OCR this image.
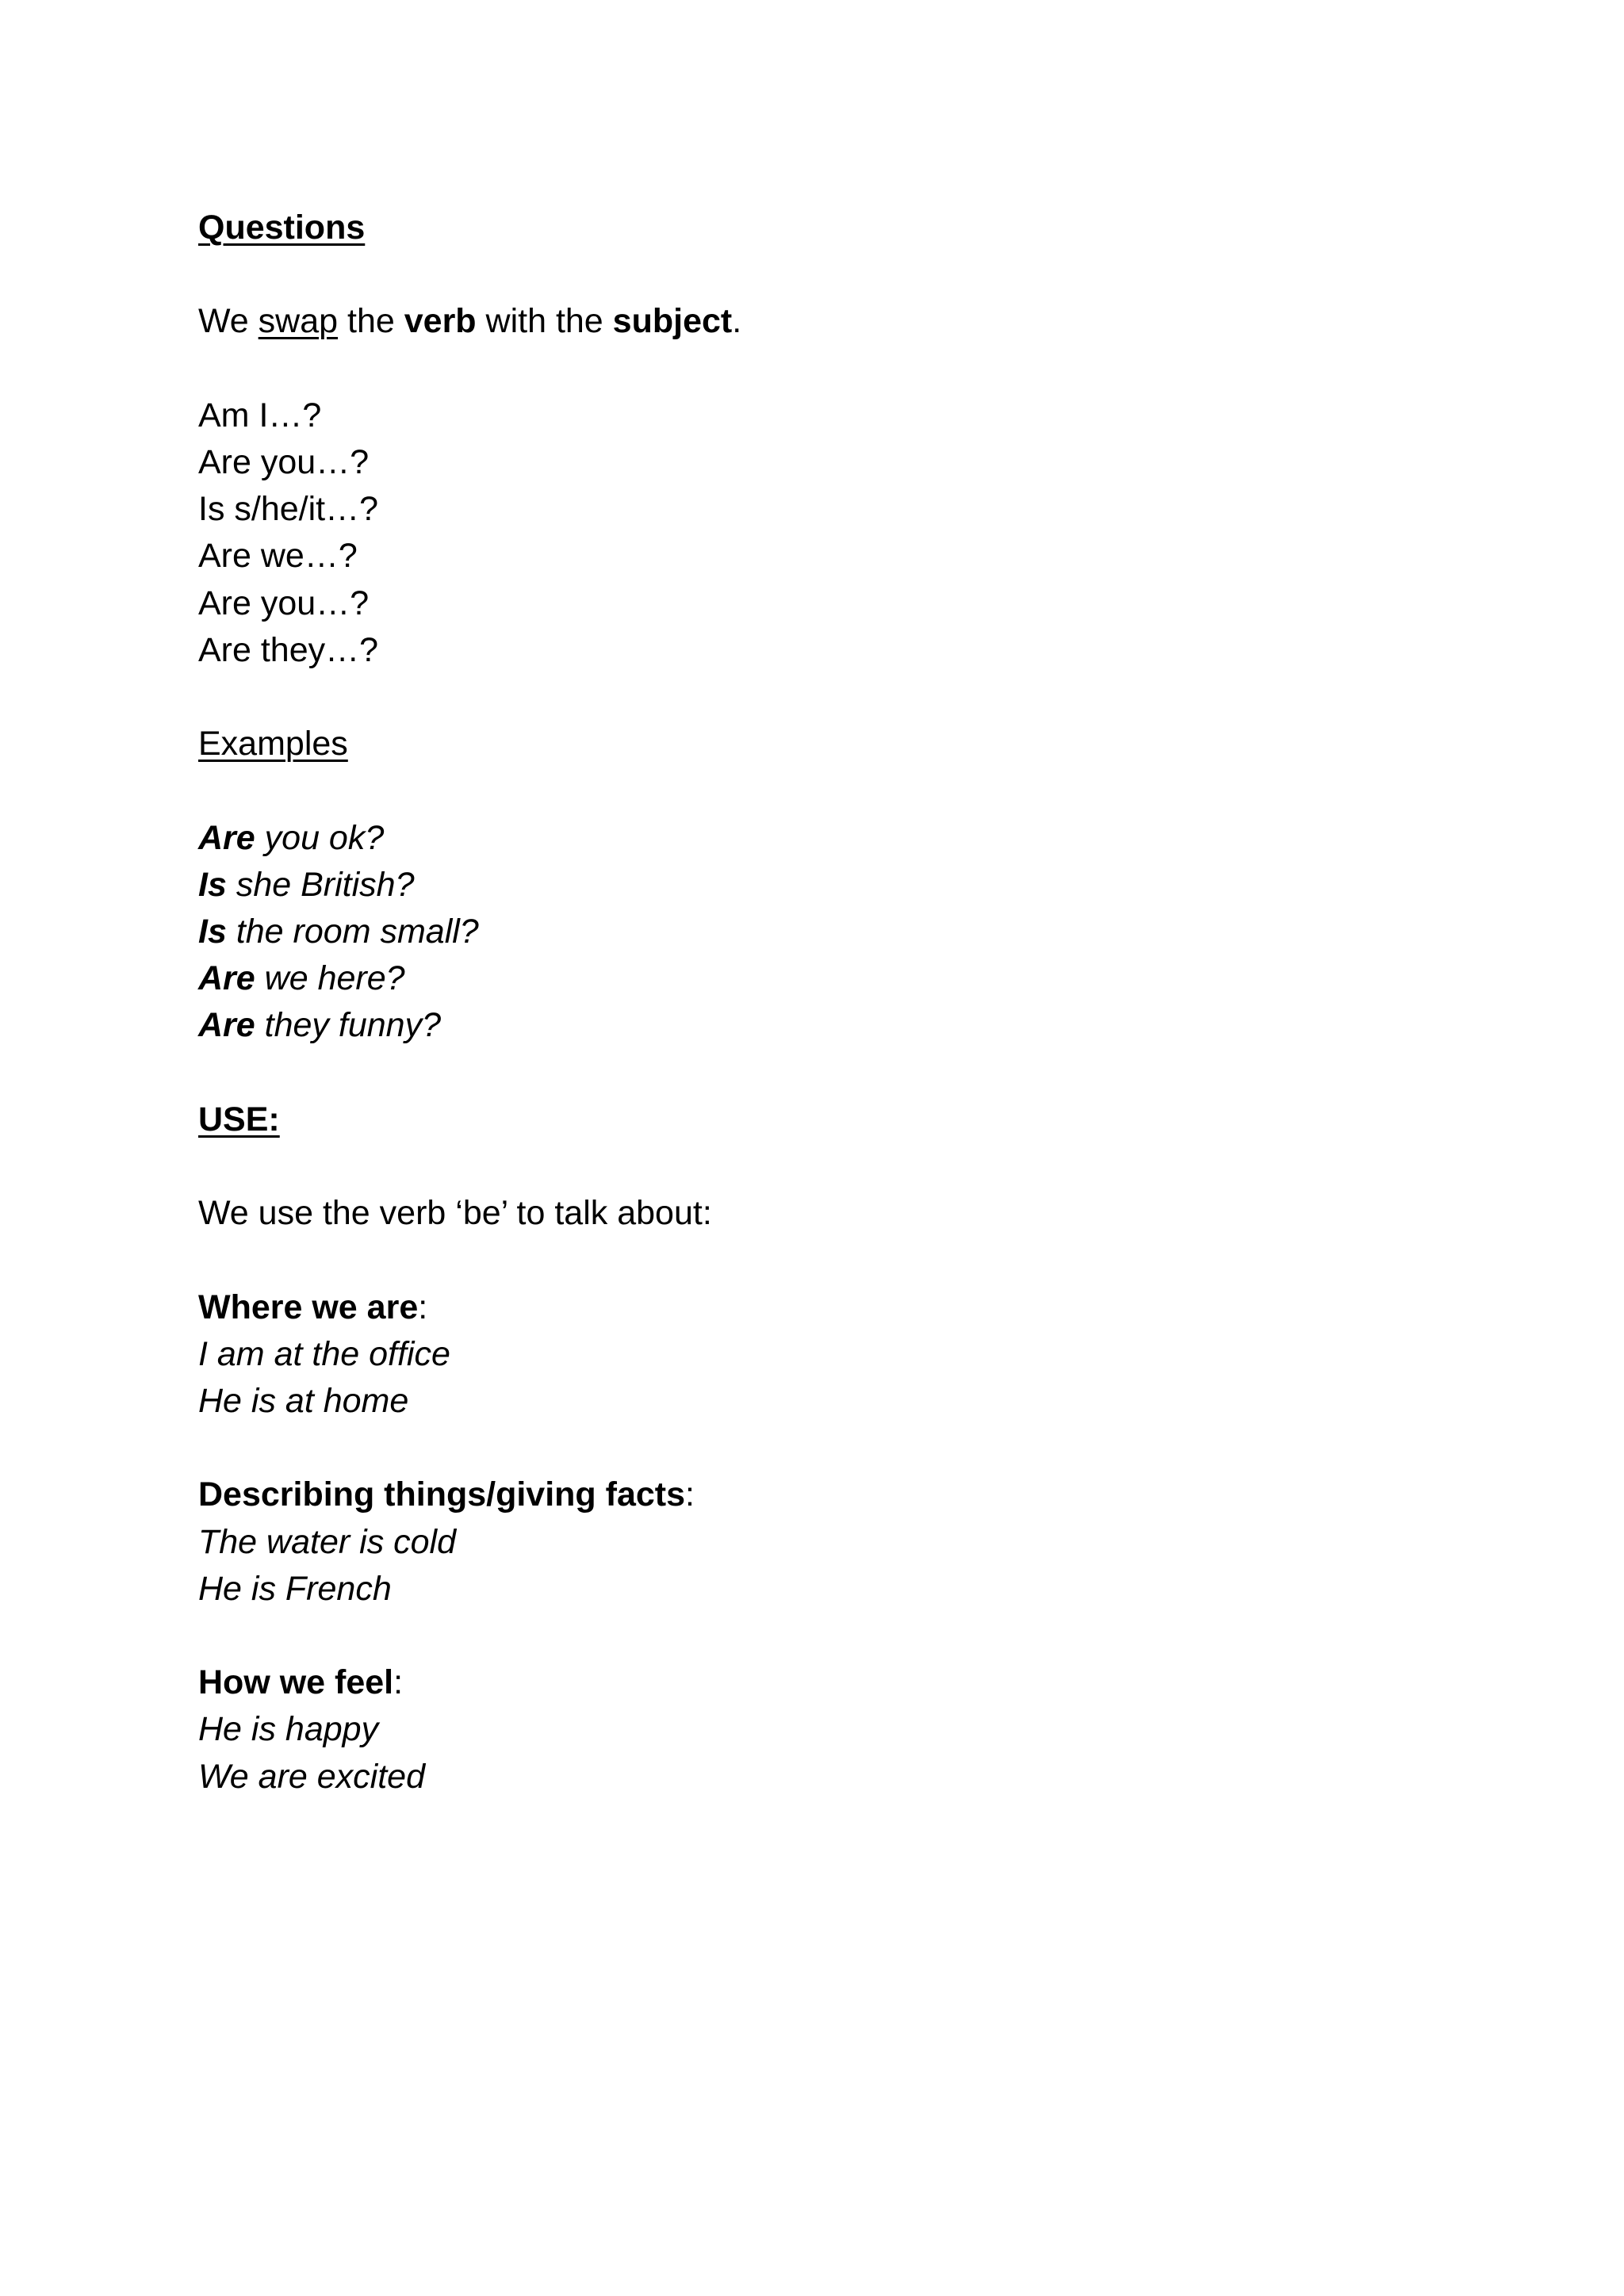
Questions
We swap the verb with the subject.
Am I…?
Are you…?
Is s/he/it…?
Are we…?
Are you…?
Are they…?
Examples
Are you ok?
Is she British?
Is the room small?
Are we here?
Are they funny?
USE:
We use the verb ‘be’ to talk about:
Where we are:
I am at the office
He is at home
Describing things/giving facts:
The water is cold
He is French
How we feel:
He is happy
We are excited
